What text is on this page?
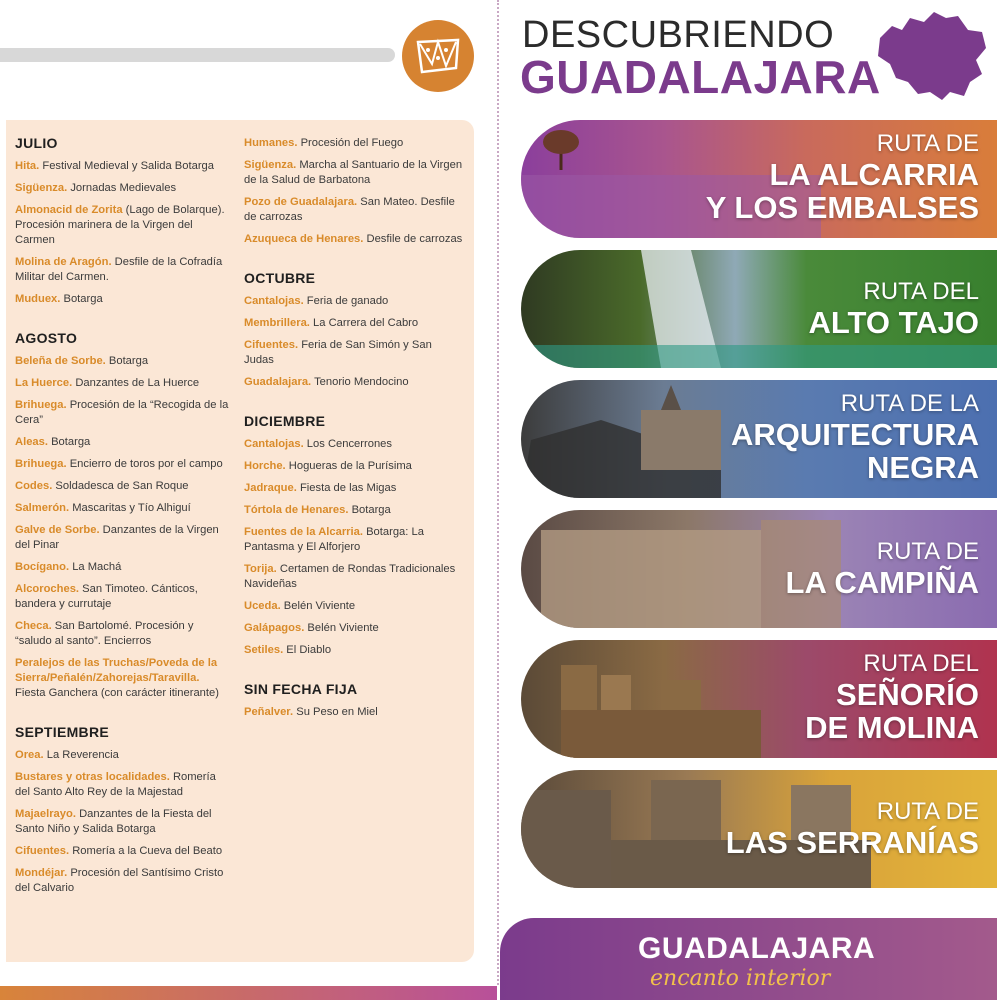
JULIO
Hita. Festival Medieval y Salida Botarga
Sigüenza. Jornadas Medievales
Almonacid de Zorita (Lago de Bolarque). Procesión marinera de la Virgen del Carmen
Molina de Aragón. Desfile de la Cofradía Militar del Carmen.
Muduex. Botarga
AGOSTO
Beleña de Sorbe. Botarga
La Huerce. Danzantes de La Huerce
Brihuega. Procesión de la “Recogida de la Cera”
Aleas. Botarga
Brihuega. Encierro de toros por el campo
Codes. Soldadesca de San Roque
Salmerón. Mascaritas y Tío Alhiguí
Galve de Sorbe. Danzantes de la Virgen del Pinar
Bocígano. La Machá
Alcoroches. San Timoteo. Cánticos, bandera y currutaje
Checa. San Bartolomé. Procesión y “saludo al santo”. Encierros
Peralejos de las Truchas/Poveda de la Sierra/Peñalén/Zahorejas/Taravilla. Fiesta Ganchera (con carácter itinerante)
SEPTIEMBRE
Orea. La Reverencia
Bustares y otras localidades. Romería del Santo Alto Rey de la Majestad
Majaelrayo. Danzantes de la Fiesta del Santo Niño y Salida Botarga
Cifuentes. Romería a la Cueva del Beato
Mondéjar. Procesión del Santísimo Cristo del Calvario
Humanes. Procesión del Fuego
Sigüenza. Marcha al Santuario de la Virgen de la Salud de Barbatona
Pozo de Guadalajara. San Mateo. Desfile de carrozas
Azuqueca de Henares. Desfile de carrozas
OCTUBRE
Cantalojas. Feria de ganado
Membrillera. La Carrera del Cabro
Cifuentes. Feria de San Simón y San Judas
Guadalajara. Tenorio Mendocino
DICIEMBRE
Cantalojas. Los Cencerrones
Horche. Hogueras de la Purísima
Jadraque. Fiesta de las Migas
Tórtola de Henares. Botarga
Fuentes de la Alcarria. Botarga: La Pantasma y El Alforjero
Torija. Certamen de Rondas Tradicionales Navideñas
Uceda. Belén Viviente
Galápagos. Belén Viviente
Setiles. El Diablo
SIN FECHA FIJA
Peñalver. Su Peso en Miel
DESCUBRIENDO
GUADALAJARA
RUTA DE
LA ALCARRIA
Y LOS EMBALSES
RUTA DEL
ALTO TAJO
RUTA DE LA
ARQUITECTURA
NEGRA
RUTA DE
LA CAMPIÑA
RUTA DEL
SEÑORÍO
DE MOLINA
RUTA DE
LAS SERRANÍAS
GUADALAJARA
encanto interior
